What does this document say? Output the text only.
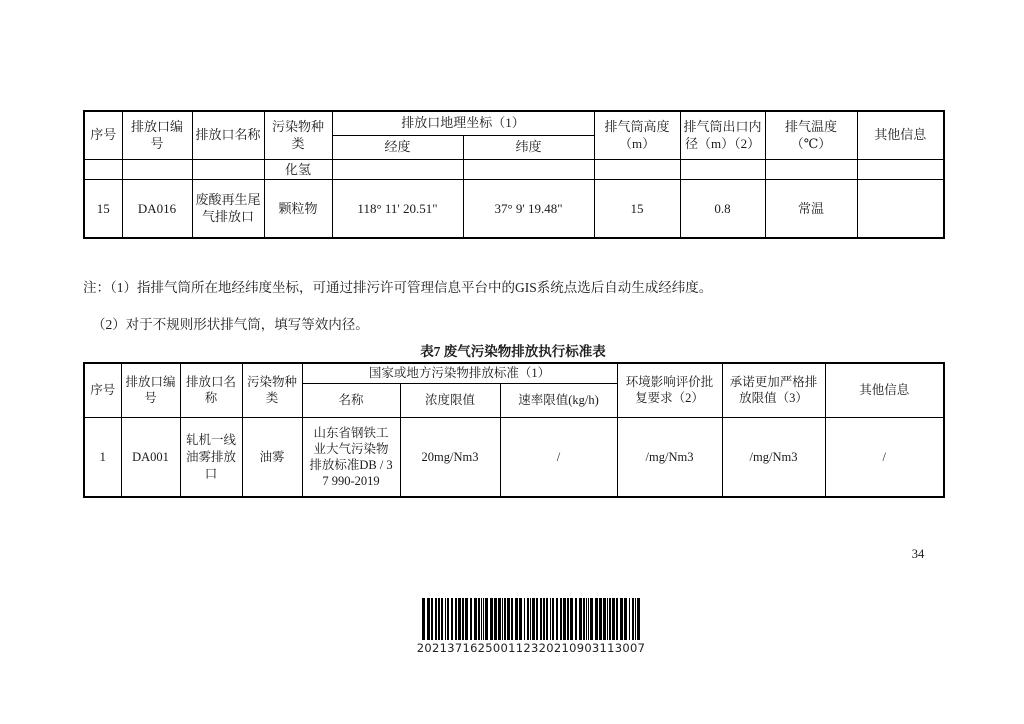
序号	排放口编号	排放口名称	污染物种类	排放口地理坐标（1）		排气筒高度（m）	排气筒出口内径（m）（2）	排气温度（℃）	其他信息
				经度	纬度				
			化氢						
15	DA016	废酸再生尾气排放口	颗粒物	118° 11' 20.51"	37° 9' 19.48"	15	0.8	常温	
注：（1）指排气筒所在地经纬度坐标，可通过排污许可管理信息平台中的GIS系统点选后自动生成经纬度。
（2）对于不规则形状排气筒，填写等效内径。
表7 废气污染物排放执行标准表
序号	排放口编号	排放口名称	污染物种类	国家或地方污染物排放标准（1）			环境影响评价批复要求（2）	承诺更加严格排放限值（3）	其他信息
				名称	浓度限值	速率限值(kg/h)			
1	DA001	轧机一线油雾排放口	油雾	山东省钢铁工业大气污染物排放标准DB / 37 990-2019	20mg/Nm3	/	/mg/Nm3	/mg/Nm3	/
34
202137162500112320210903113007
